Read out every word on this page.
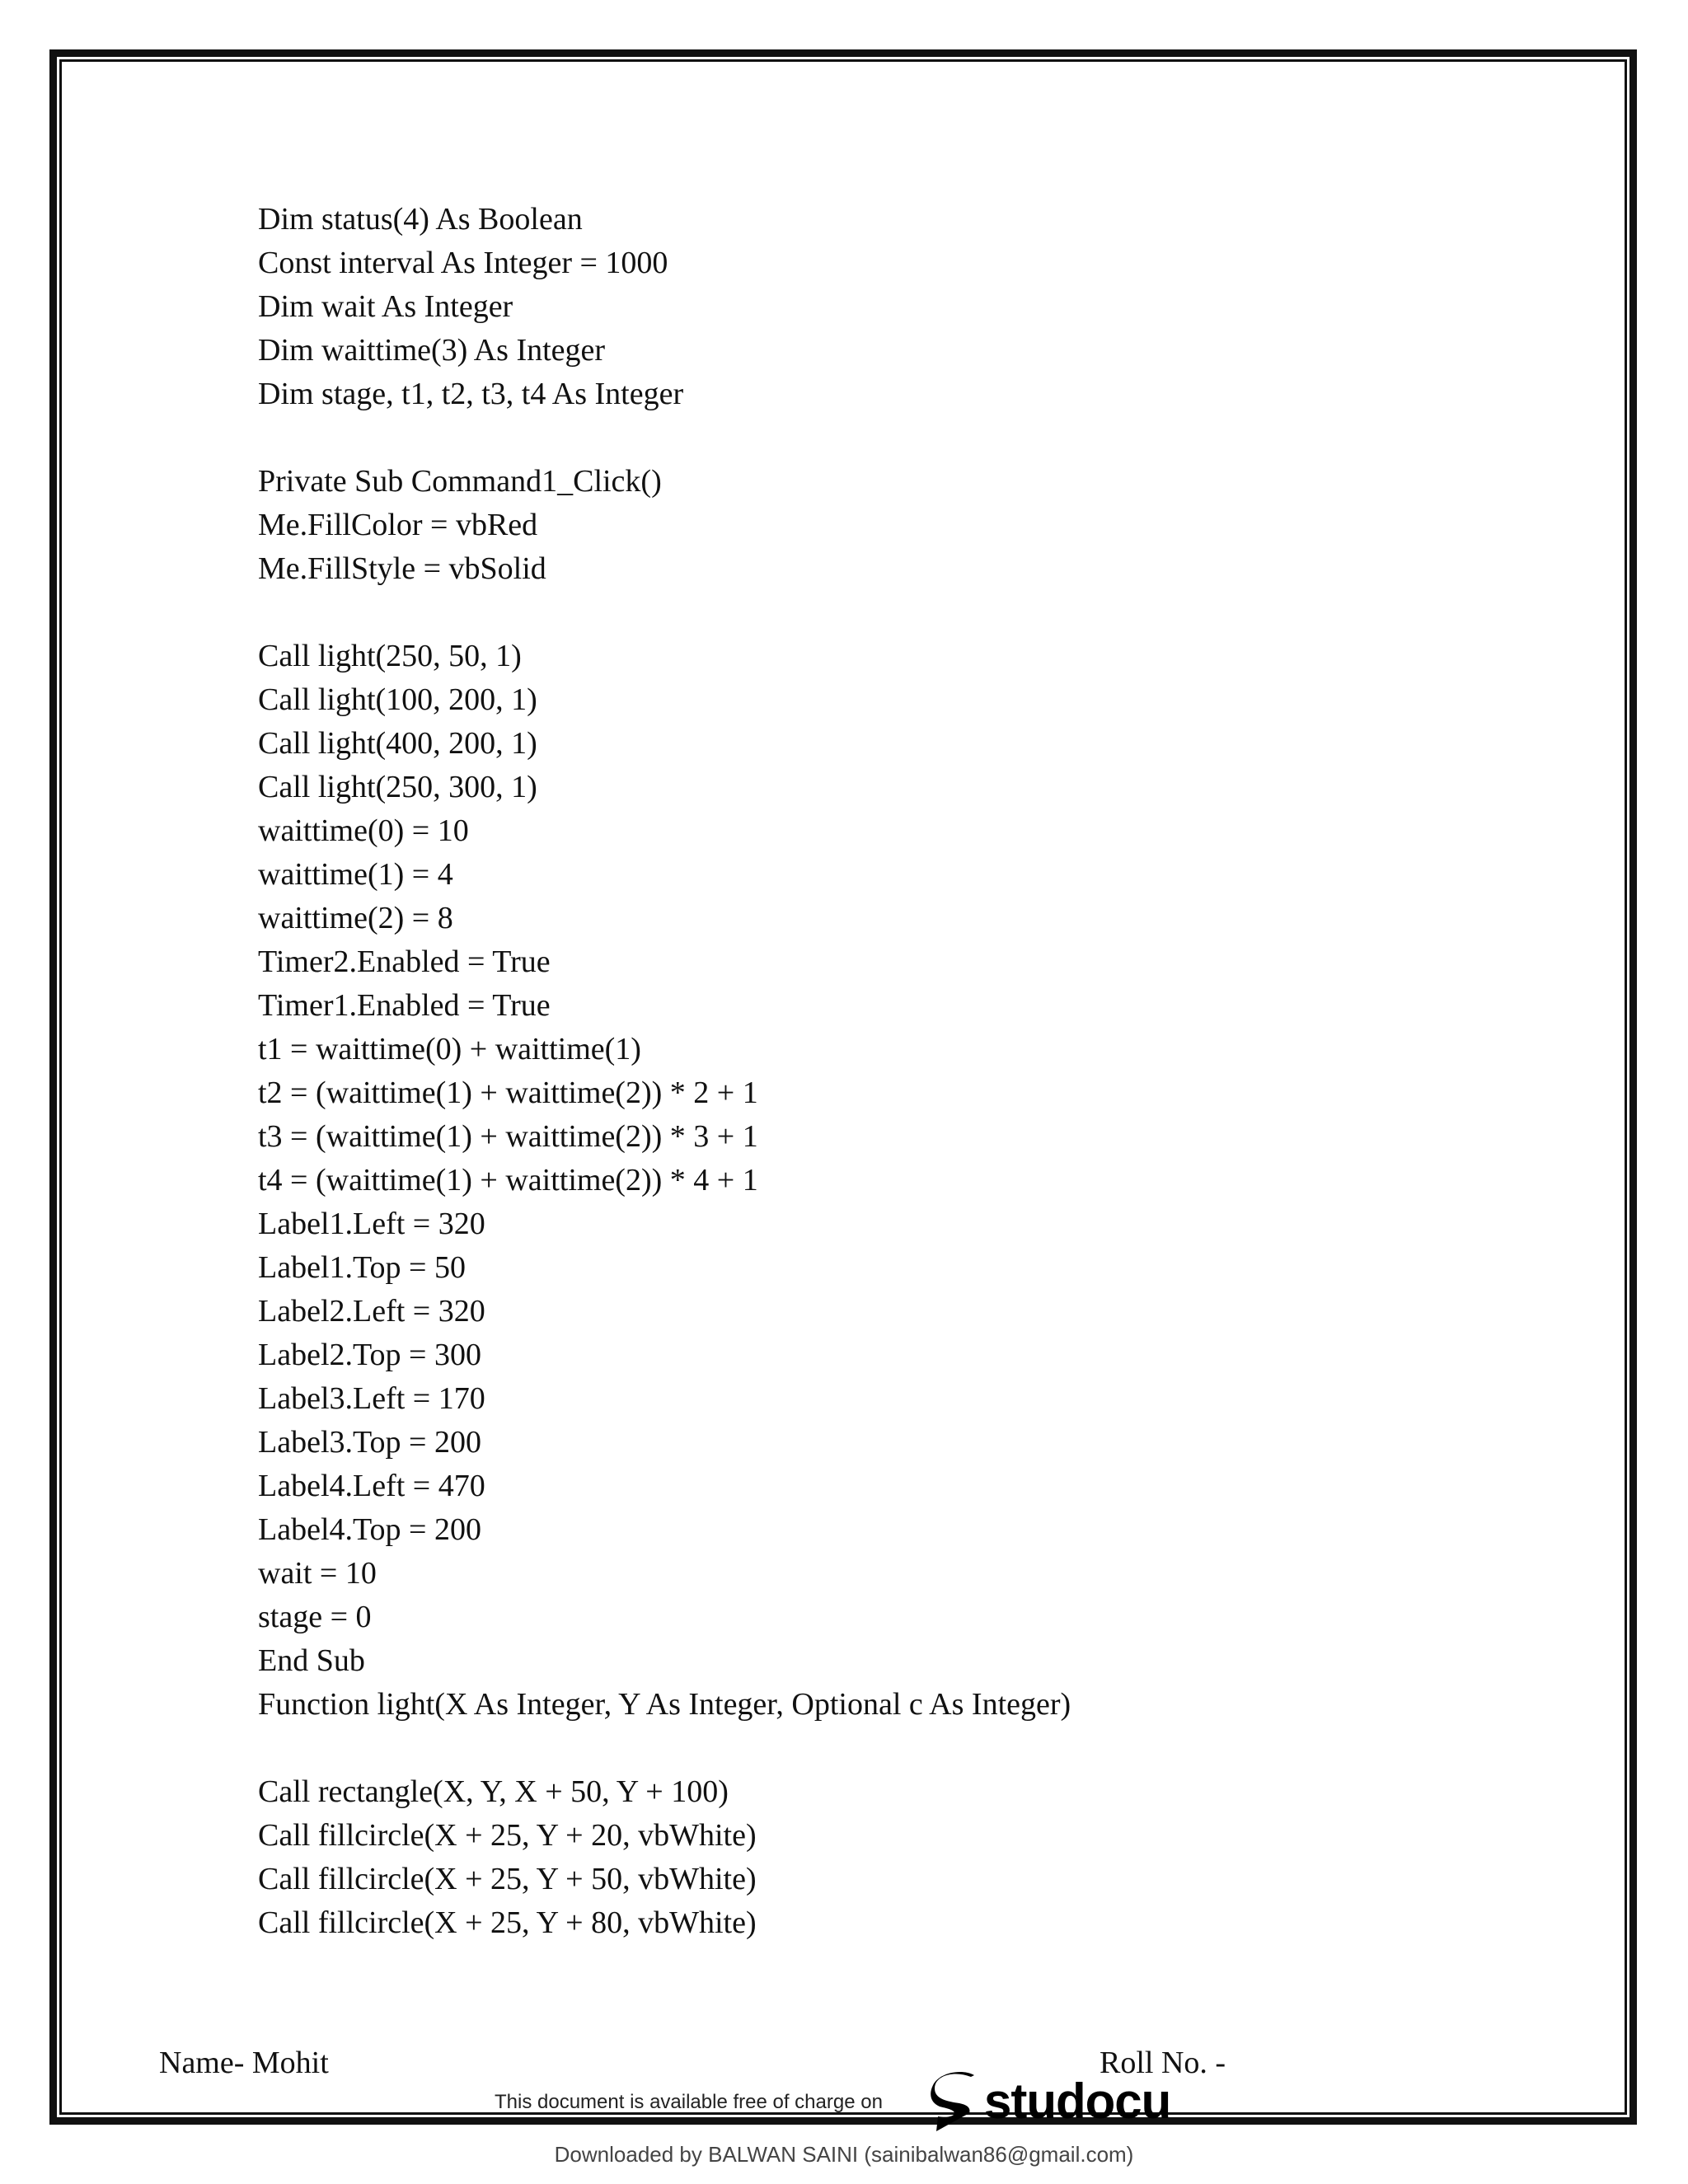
Dim status(4) As Boolean
Const interval As Integer = 1000
Dim wait As Integer
Dim waittime(3) As Integer
Dim stage, t1, t2, t3, t4 As Integer
Private Sub Command1_Click()
Me.FillColor = vbRed
Me.FillStyle = vbSolid
Call light(250, 50, 1)
Call light(100, 200, 1)
Call light(400, 200, 1)
Call light(250, 300, 1)
waittime(0) = 10
waittime(1) = 4
waittime(2) = 8
Timer2.Enabled = True
Timer1.Enabled = True
t1 = waittime(0) + waittime(1)
t2 = (waittime(1) + waittime(2)) * 2 + 1
t3 = (waittime(1) + waittime(2)) * 3 + 1
t4 = (waittime(1) + waittime(2)) * 4 + 1
Label1.Left = 320
Label1.Top = 50
Label2.Left = 320
Label2.Top = 300
Label3.Left = 170
Label3.Top = 200
Label4.Left = 470
Label4.Top = 200
wait = 10
stage = 0
End Sub
Function light(X As Integer, Y As Integer, Optional c As Integer)
Call rectangle(X, Y, X + 50, Y + 100)
Call fillcircle(X + 25, Y + 20, vbWhite)
Call fillcircle(X + 25, Y + 50, vbWhite)
Call fillcircle(X + 25, Y + 80, vbWhite)
Name- Mohit	Roll No. -
This document is available free of charge on studocu
Downloaded by BALWAN SAINI (sainibalwan86@gmail.com)
